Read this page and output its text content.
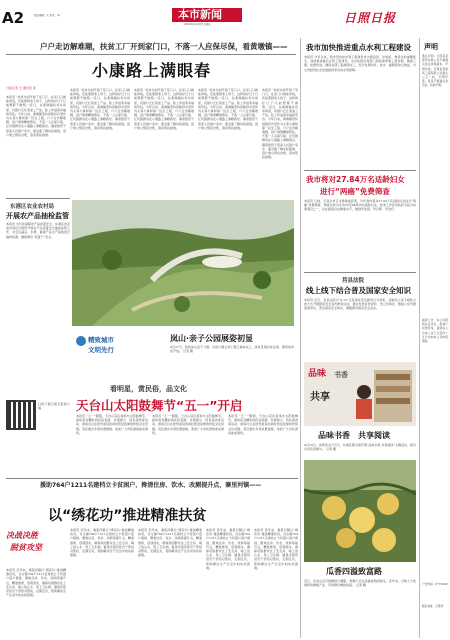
A2	责任编辑：王 版式：李	本市新闻
2020年4月28日 星期二	日照日报
户户走访解难题，扶贫工厂开到家门口，不落一人应保尽保，看黄墩镇——
小康路上满眼春
日报记者 王 通讯员 李
本报讯 “扶贫车间开到了家门口，在家门口就能挣钱，还能照顾老人孩子，这样的好日子以前想都不敢想。”近日，在黄墩镇扶贫车间里，贫困户正忙着加工产品，脸上洋溢着幸福的笑容。今年以来，黄墩镇坚持把脱贫攻坚作为头等大事和第一民生工程，户户走访解难题，因户施策精准帮扶，不落一人应保尽保，让贫困群众在小康路上满眼春光。镇里组织干部深入贫困户家中，面对面了解实际困难，逐户建立帮扶台账，落实帮扶措施。
本报讯 “扶贫车间开到了家门口，在家门口就能挣钱，还能照顾老人孩子，这样的好日子以前想都不敢想。”近日，在黄墩镇扶贫车间里，贫困户正忙着加工产品，脸上洋溢着幸福的笑容。今年以来，黄墩镇坚持把脱贫攻坚作为头等大事和第一民生工程，户户走访解难题，因户施策精准帮扶，不落一人应保尽保，让贫困群众在小康路上满眼春光。镇里组织干部深入贫困户家中，面对面了解实际困难，逐户建立帮扶台账，落实帮扶措施。
本报讯 “扶贫车间开到了家门口，在家门口就能挣钱，还能照顾老人孩子，这样的好日子以前想都不敢想。”近日，在黄墩镇扶贫车间里，贫困户正忙着加工产品，脸上洋溢着幸福的笑容。今年以来，黄墩镇坚持把脱贫攻坚作为头等大事和第一民生工程，户户走访解难题，因户施策精准帮扶，不落一人应保尽保，让贫困群众在小康路上满眼春光。镇里组织干部深入贫困户家中，面对面了解实际困难，逐户建立帮扶台账，落实帮扶措施。
本报讯 “扶贫车间开到了家门口，在家门口就能挣钱，还能照顾老人孩子，这样的好日子以前想都不敢想。”近日，在黄墩镇扶贫车间里，贫困户正忙着加工产品，脸上洋溢着幸福的笑容。今年以来，黄墩镇坚持把脱贫攻坚作为头等大事和第一民生工程，户户走访解难题，因户施策精准帮扶，不落一人应保尽保，让贫困群众在小康路上满眼春光。镇里组织干部深入贫困户家中，面对面了解实际困难，逐户建立帮扶台账，落实帮扶措施。
本报讯 “扶贫车间开到了家门口，在家门口就能挣钱，还能照顾老人孩子，这样的好日子以前想都不敢想。”近日，在黄墩镇扶贫车间里，贫困户正忙着加工产品，脸上洋溢着幸福的笑容。今年以来，黄墩镇坚持把脱贫攻坚作为头等大事和第一民生工程，户户走访解难题，因户施策精准帮扶，不落一人应保尽保，让贫困群众在小康路上满眼春光。镇里组织干部深入贫困户家中，面对面了解实际困难，逐户建立帮扶台账，落实帮扶措施。
东港区农业农村局
开展农产品抽检监管
本报讯 为切实保障农产品质量安全，东港区农业农村局近日组织开展农产品质量安全抽检监管工作，对全区蔬菜、水果、畜禽产品生产基地进行抽样检测，确保群众“菜篮子”安全。
岚山·亲子公园展姿初显
4月27日，航拍岚山亲子公园。目前公园主体工程已基本完工，绿化景观初步呈现，即将向市民开放。 记者 摄
精致城市
文明先行
扫码下载日照日报客户端
看明星，赏民俗，品文化
天台山太阳鼓舞节“五一”开启
本报讯 “五一”假期，天台山景区将举办太阳鼓舞节，届时将有精彩的民俗表演、非遗展示、特色美食等活动，游客可以在欣赏美景的同时感受浓厚的传统文化氛围。景区推出多项优惠措施，欢迎广大市民游客前来游玩。
本报讯 “五一”假期，天台山景区将举办太阳鼓舞节，届时将有精彩的民俗表演、非遗展示、特色美食等活动，游客可以在欣赏美景的同时感受浓厚的传统文化氛围。景区推出多项优惠措施，欢迎广大市民游客前来游玩。
本报讯 “五一”假期，天台山景区将举办太阳鼓舞节，届时将有精彩的民俗表演、非遗展示、特色美食等活动，游客可以在欣赏美景的同时感受浓厚的传统文化氛围。景区推出多项优惠措施，欢迎广大市民游客前来游玩。
援助764户1211名建档立卡贫困户，搀清住房、饮水、改厕提升点，寨里河镇——
以“绣花功”推进精准扶贫
决战决胜
脱贫攻坚
本报讯 近年来，寨里河镇以“绣花功”推进精准扶贫，对全镇764户1211名建档立卡贫困户逐户摸排，聚焦住房、饮水、改厕等提升点，精准施策，逐项落实，确保贫困群众住上安全房、喝上放心水、用上卫生厕。镇里还组织党员干部结对帮扶，定期走访，帮助解决生产生活中的实际困难。
本报讯 近年来，寨里河镇以“绣花功”推进精准扶贫，对全镇764户1211名建档立卡贫困户逐户摸排，聚焦住房、饮水、改厕等提升点，精准施策，逐项落实，确保贫困群众住上安全房、喝上放心水、用上卫生厕。镇里还组织党员干部结对帮扶，定期走访，帮助解决生产生活中的实际困难。
本报讯 近年来，寨里河镇以“绣花功”推进精准扶贫，对全镇764户1211名建档立卡贫困户逐户摸排，聚焦住房、饮水、改厕等提升点，精准施策，逐项落实，确保贫困群众住上安全房、喝上放心水、用上卫生厕。镇里还组织党员干部结对帮扶，定期走访，帮助解决生产生活中的实际困难。
本报讯 近年来，寨里河镇以“绣花功”推进精准扶贫，对全镇764户1211名建档立卡贫困户逐户摸排，聚焦住房、饮水、改厕等提升点，精准施策，逐项落实，确保贫困群众住上安全房、喝上放心水、用上卫生厕。镇里还组织党员干部结对帮扶，定期走访，帮助解决生产生活中的实际困难。
本报讯 近年来，寨里河镇以“绣花功”推进精准扶贫，对全镇764户1211名建档立卡贫困户逐户摸排，聚焦住房、饮水、改厕等提升点，精准施策，逐项落实，确保贫困群众住上安全房、喝上放心水、用上卫生厕。镇里还组织党员干部结对帮扶，定期走访，帮助解决生产生活中的实际困难。
我市加快推进重点水利工程建设
本报讯 今年以来，我市坚持把水利工程建设作为稳投资、补短板、惠民生的重要抓手，加快推进重点水利工程建设。全市各级水利部门抢抓春季施工黄金期，倒排工期，挂图作战，确保各项工程按期完工，充分发挥防洪、供水、灌溉等综合效益，为全市经济社会发展提供坚实的水利保障。
我市将对27.84万名适龄妇女
进行“两癌”免费筛查
本报讯 日前，记者从市卫生健康委获悉，今年我市将对27.84万名适龄妇女进行“两癌”免费筛查，筛查对象为全市35至64周岁的适龄妇女。此项工作是市政府为民办实事项目之一，旨在提高妇女健康水平，做到早发现、早诊断、早治疗。
莒县法院
线上线下结合普及国家安全知识
本报讯 近日，莒县法院以“4·15”全民国家安全教育日为契机，采取线上线下相结合的方式开展国家安全宣传教育活动，通过发放宣传资料、设立咨询台、微信公众号推送等形式，普及国家安全知识，增强群众国家安全意识。
品味 书香
共享
品味书香　共享阅读
4月23日，世界读书日当天，东港区图书馆开展“品味书香 共享阅读”主题活动，吸引众多读者参与。 记者 摄
瓜香四溢致富路
近日，在岚山区巨峰镇的大棚里，种植户正在采摘成熟的甜瓜。近年来，当地大力发展特色种植产业，带动群众增收致富。 记者 摄
声明
遗失声明：日照某某商贸有限公司不慎遗失营业执照副本，声明作废。日照某某建筑工程有限公司遗失公章一枚，声明作废。某某不慎遗失身份证，特此声明。
减资公告：本公司经股东会决议，拟减少注册资本，请债权人自本公告之日起四十五日内向本公司申报债权。
广告热线：8772999
联系地址：日照市
